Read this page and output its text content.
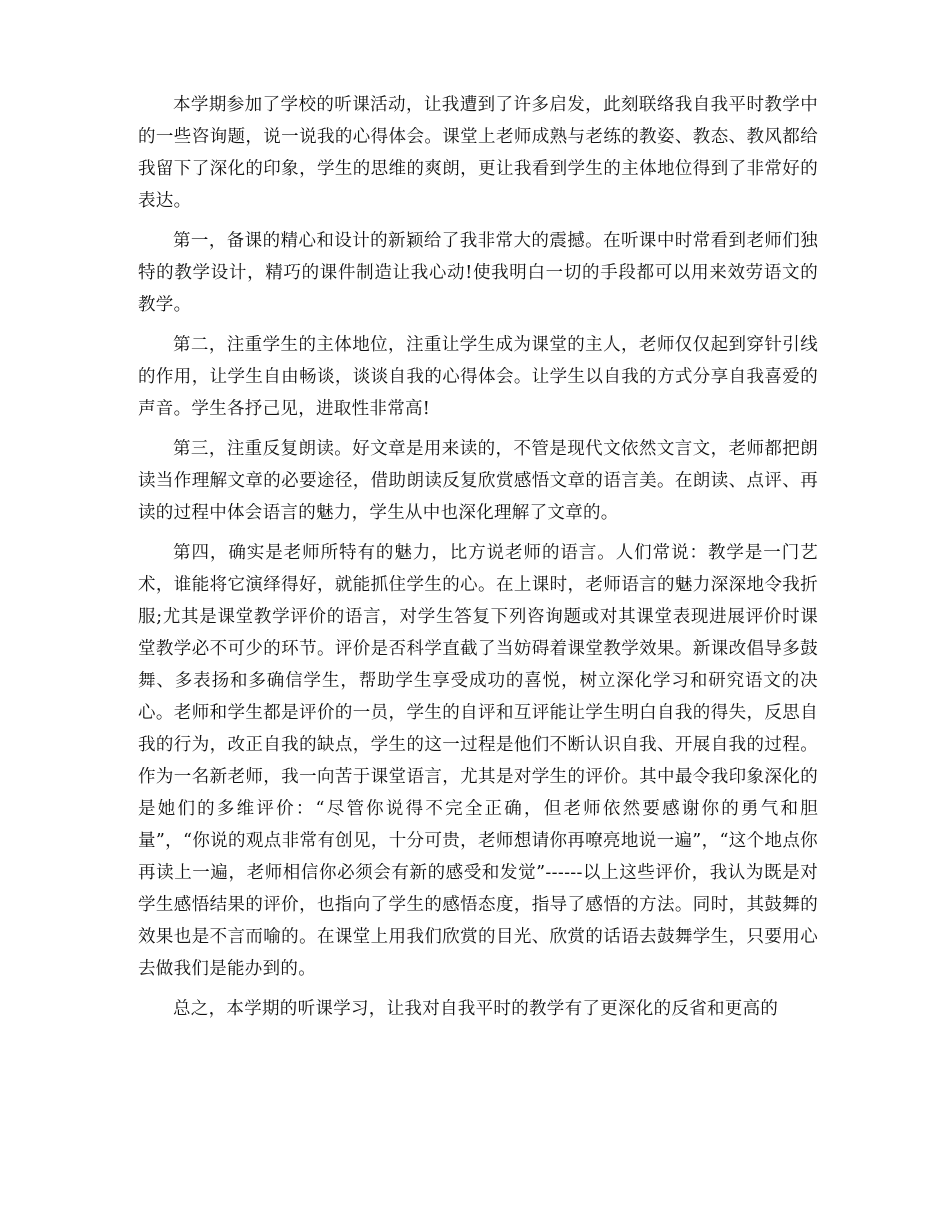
本学期参加了学校的听课活动，让我遭到了许多启发，此刻联络我自我平时教学中的一些咨询题，说一说我的心得体会。课堂上老师成熟与老练的教姿、教态、教风都给我留下了深化的印象，学生的思维的爽朗，更让我看到学生的主体地位得到了非常好的表达。

第一，备课的精心和设计的新颖给了我非常大的震撼。在听课中时常看到老师们独特的教学设计，精巧的课件制造让我心动!使我明白一切的手段都可以用来效劳语文的教学。

第二，注重学生的主体地位，注重让学生成为课堂的主人，老师仅仅起到穿针引线的作用，让学生自由畅谈，谈谈自我的心得体会。让学生以自我的方式分享自我喜爱的声音。学生各抒己见，进取性非常高!

第三，注重反复朗读。好文章是用来读的，不管是现代文依然文言文，老师都把朗读当作理解文章的必要途径，借助朗读反复欣赏感悟文章的语言美。在朗读、点评、再读的过程中体会语言的魅力，学生从中也深化理解了文章的。

第四，确实是老师所特有的魅力，比方说老师的语言。人们常说：教学是一门艺术，谁能将它演绎得好，就能抓住学生的心。在上课时，老师语言的魅力深深地令我折服;尤其是课堂教学评价的语言，对学生答复下列咨询题或对其课堂表现进展评价时课堂教学必不可少的环节。评价是否科学直截了当妨碍着课堂教学效果。新课改倡导多鼓舞、多表扬和多确信学生，帮助学生享受成功的喜悦，树立深化学习和研究语文的决心。老师和学生都是评价的一员，学生的自评和互评能让学生明白自我的得失，反思自我的行为，改正自我的缺点，学生的这一过程是他们不断认识自我、开展自我的过程。作为一名新老师，我一向苦于课堂语言，尤其是对学生的评价。其中最令我印象深化的是她们的多维评价：“尽管你说得不完全正确，但老师依然要感谢你的勇气和胆量”，“你说的观点非常有创见，十分可贵，老师想请你再嘹亮地说一遍”，“这个地点你再读上一遍，老师相信你必须会有新的感受和发觉”------以上这些评价，我认为既是对学生感悟结果的评价，也指向了学生的感悟态度，指导了感悟的方法。同时，其鼓舞的效果也是不言而喻的。在课堂上用我们欣赏的目光、欣赏的话语去鼓舞学生，只要用心去做我们是能办到的。

总之，本学期的听课学习，让我对自我平时的教学有了更深化的反省和更高的
